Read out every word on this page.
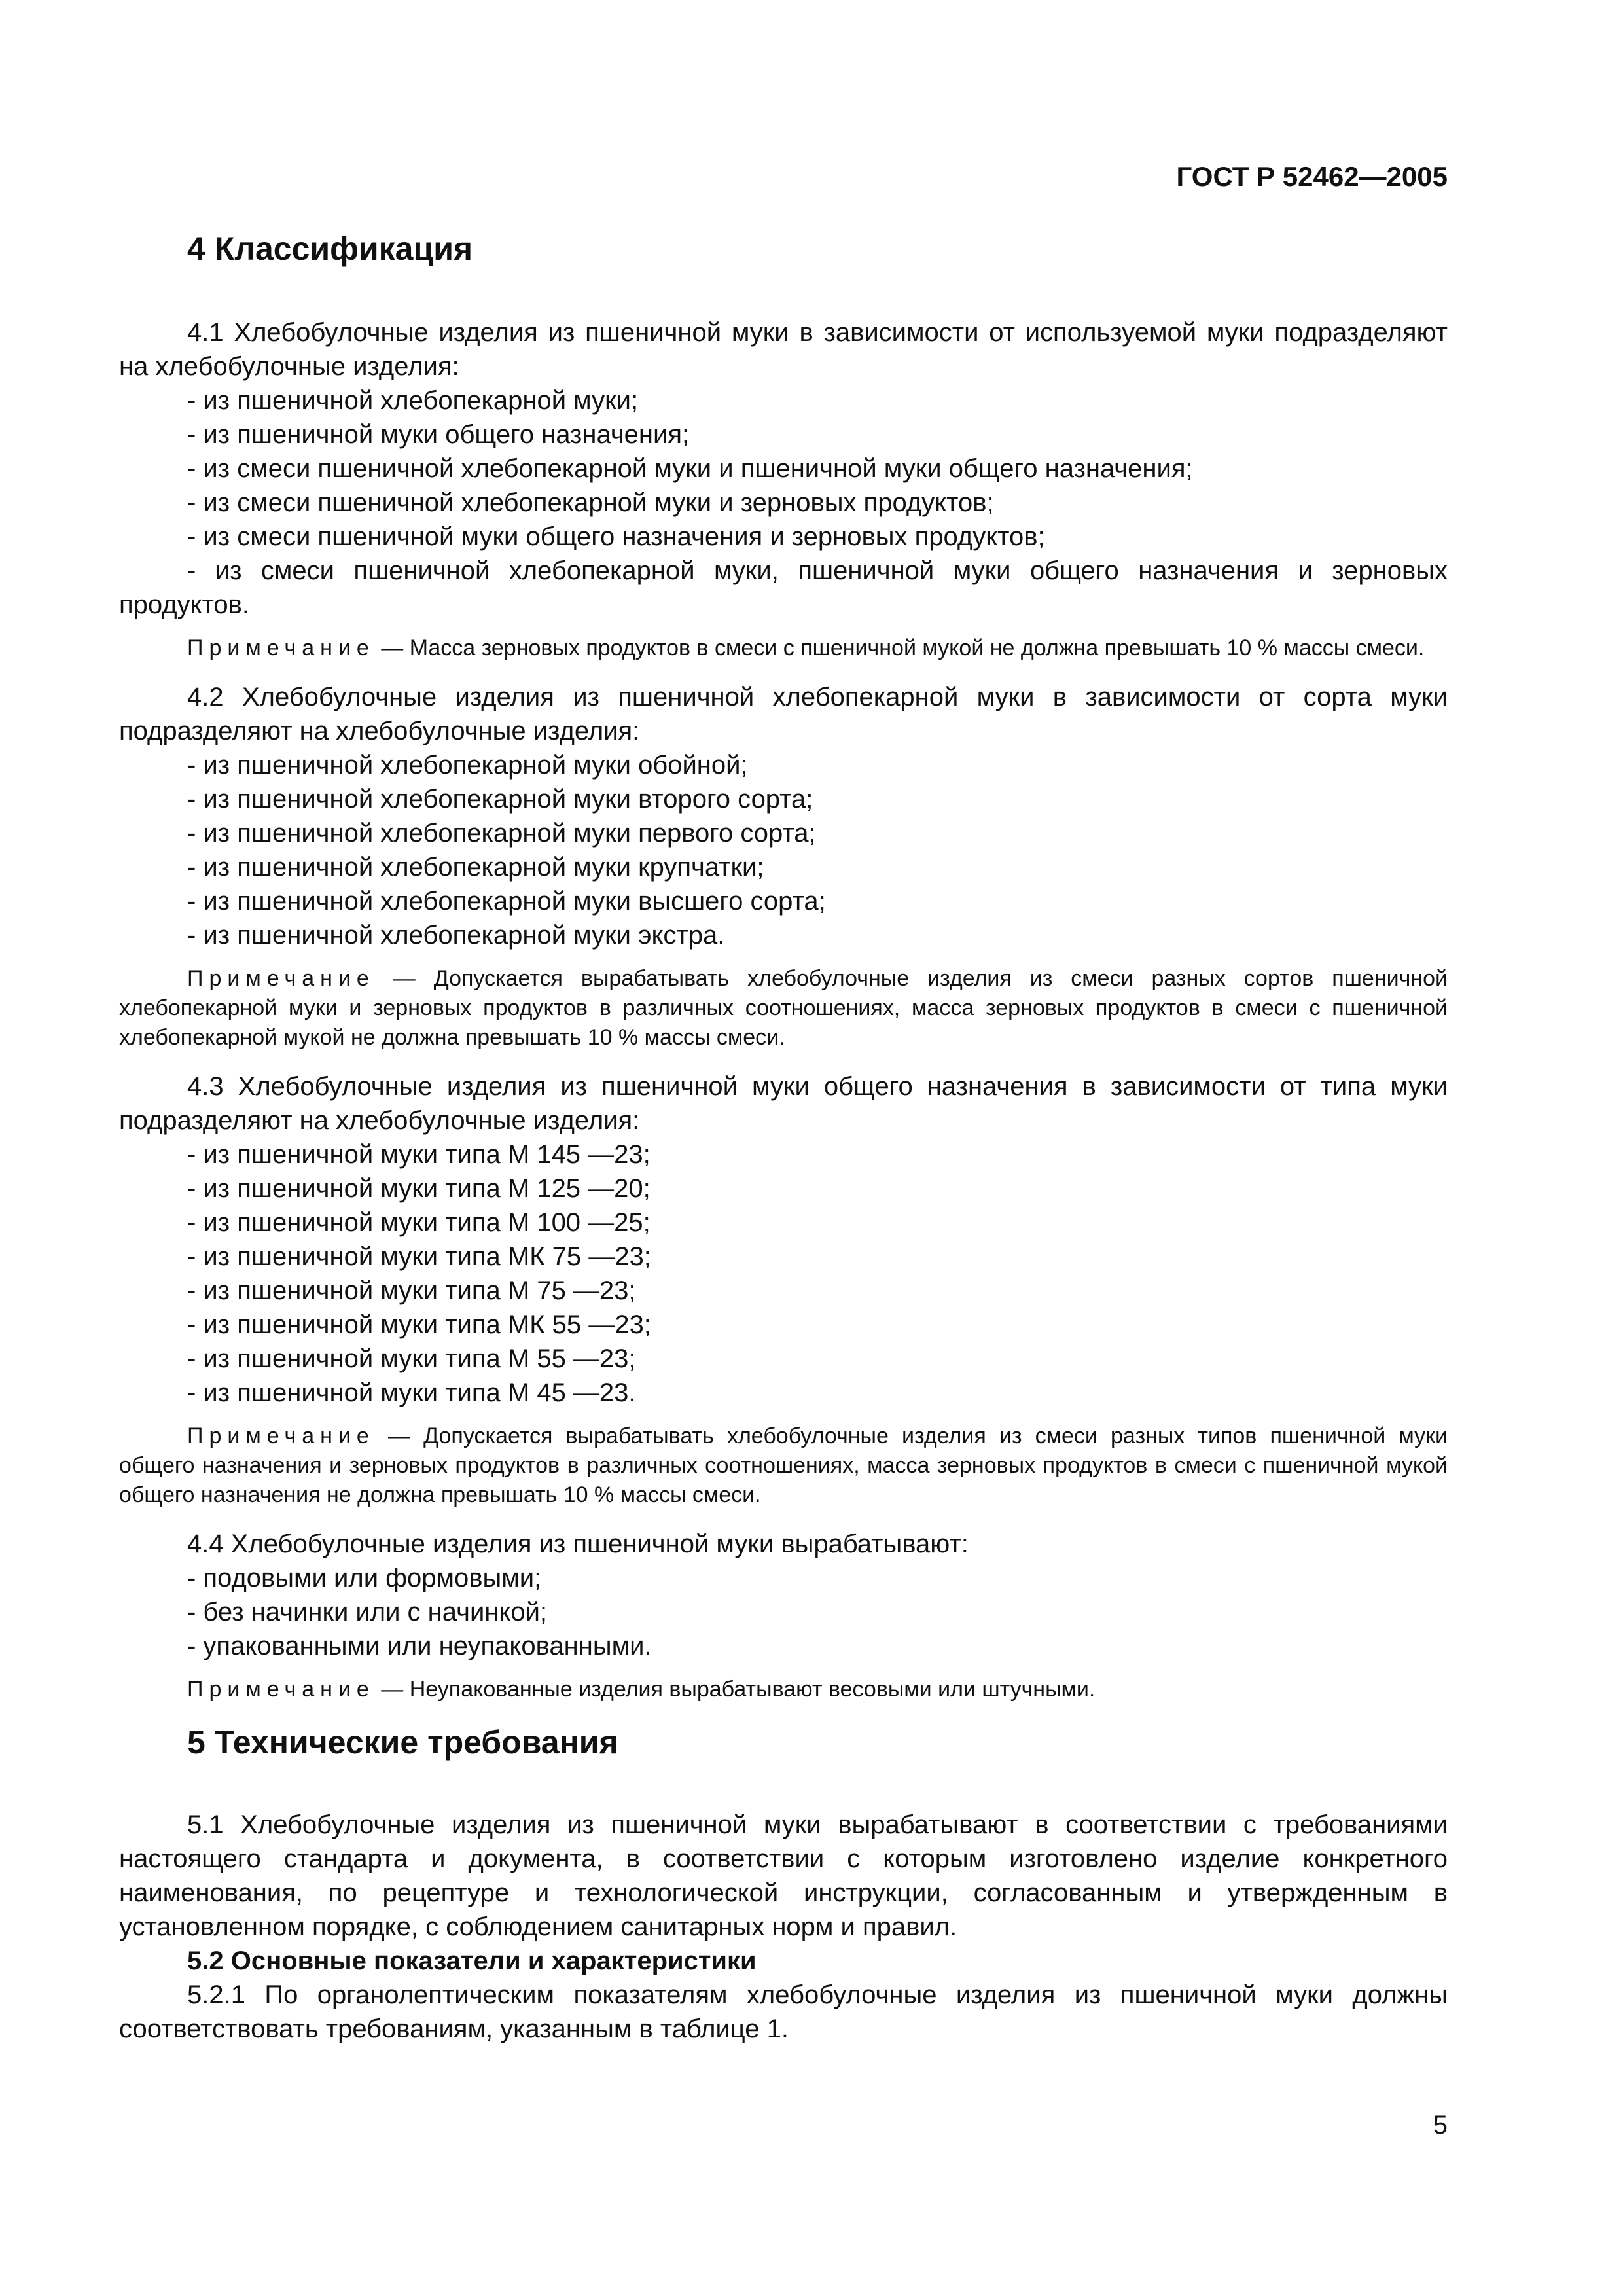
ГОСТ Р 52462—2005
4 Классификация

4.1 Хлебобулочные изделия из пшеничной муки в зависимости от используемой муки подразделяют на хлебобулочные изделия:

- из пшеничной хлебопекарной муки;

- из пшеничной муки общего назначения;

- из смеси пшеничной хлебопекарной муки и пшеничной муки общего назначения;

- из смеси пшеничной хлебопекарной муки и зерновых продуктов;

- из смеси пшеничной муки общего назначения и зерновых продуктов;

- из смеси пшеничной хлебопекарной муки, пшеничной муки общего назначения и зерновых продуктов.

Примечание — Масса зерновых продуктов в смеси с пшеничной мукой не должна превышать 10 % массы смеси.

4.2 Хлебобулочные изделия из пшеничной хлебопекарной муки в зависимости от сорта муки подразделяют на хлебобулочные изделия:

- из пшеничной хлебопекарной муки обойной;

- из пшеничной хлебопекарной муки второго сорта;

- из пшеничной хлебопекарной муки первого сорта;

- из пшеничной хлебопекарной муки крупчатки;

- из пшеничной хлебопекарной муки высшего сорта;

- из пшеничной хлебопекарной муки экстра.

Примечание — Допускается вырабатывать хлебобулочные изделия из смеси разных сортов пшеничной хлебопекарной муки и зерновых продуктов в различных соотношениях, масса зерновых продуктов в смеси с пшеничной хлебопекарной мукой не должна превышать 10 % массы смеси.

4.3 Хлебобулочные изделия из пшеничной муки общего назначения в зависимости от типа муки подразделяют на хлебобулочные изделия:

- из пшеничной муки типа М 145 —23;

- из пшеничной муки типа М 125 —20;

- из пшеничной муки типа М 100 —25;

- из пшеничной муки типа МК 75 —23;

- из пшеничной муки типа М 75 —23;

- из пшеничной муки типа МК 55 —23;

- из пшеничной муки типа М 55 —23;

- из пшеничной муки типа М 45 —23.

Примечание — Допускается вырабатывать хлебобулочные изделия из смеси разных типов пшеничной муки общего назначения и зерновых продуктов в различных соотношениях, масса зерновых продуктов в смеси с пшеничной мукой общего назначения не должна превышать 10 % массы смеси.

4.4 Хлебобулочные изделия из пшеничной муки вырабатывают:

- подовыми или формовыми;

- без начинки или с начинкой;

- упакованными или неупакованными.

Примечание — Неупакованные изделия вырабатывают весовыми или штучными.

5 Технические требования

5.1 Хлебобулочные изделия из пшеничной муки вырабатывают в соответствии с требованиями настоящего стандарта и документа, в соответствии с которым изготовлено изделие конкретного наименования, по рецептуре и технологической инструкции, согласованным и утвержденным в установленном порядке, с соблюдением санитарных норм и правил.

5.2 Основные показатели и характеристики

5.2.1 По органолептическим показателям хлебобулочные изделия из пшеничной муки должны соответствовать требованиям, указанным в таблице 1.

5
